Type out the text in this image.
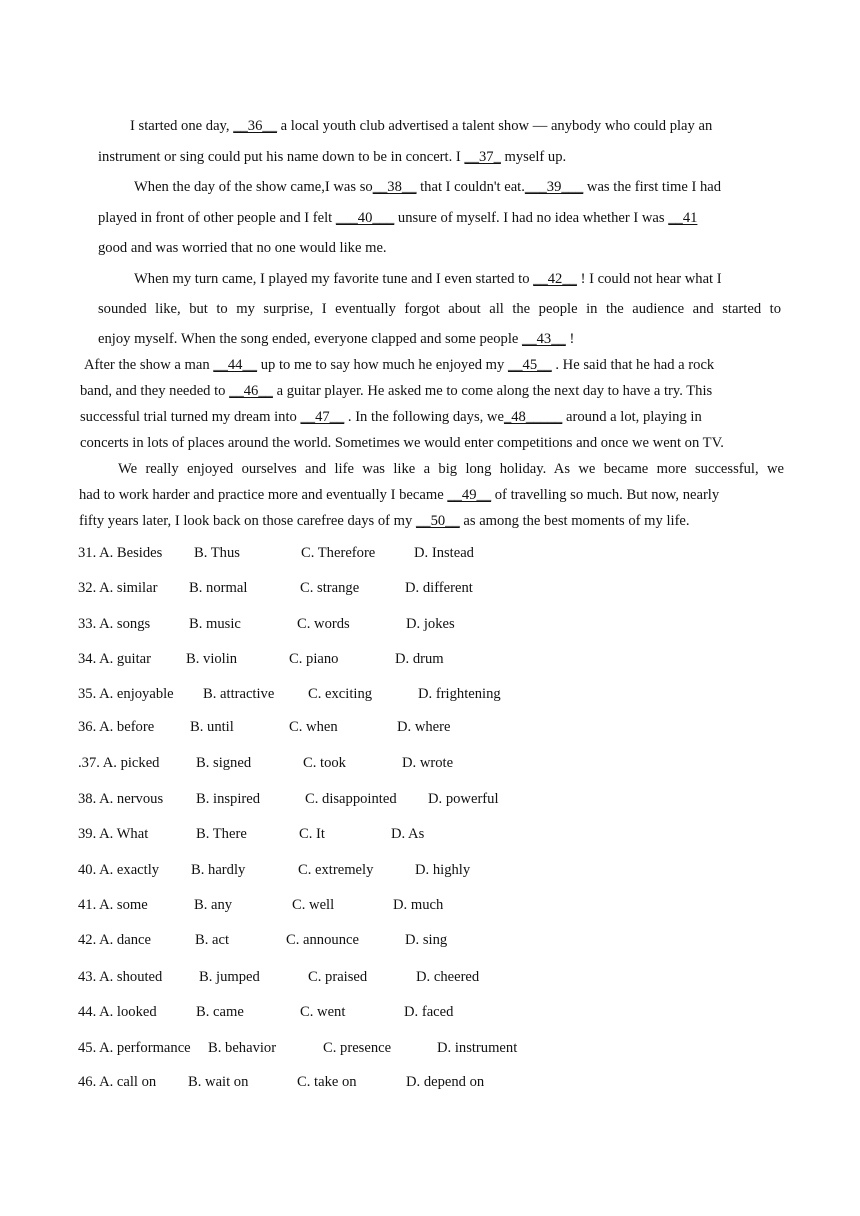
I started one day, __36__ a local youth club advertised a talent show — anybody who could play an
instrument or sing could put his name down to be in concert. I __37_ myself up.
When the day of the show came,I was so__38__ that I couldn't eat.___39___ was the first time I had
played in front of other people and I felt ___40___ unsure of myself. I had no idea whether I was __41
good and was worried that no one would like me.
When my turn came, I played my favorite tune and I even started to __42__ ! I could not hear what I
sounded like, but to my surprise, I eventually forgot about all the people in the audience and started to
enjoy myself. When the song ended, everyone clapped and some people __43__ !
After the show a man __44__ up to me to say how much he enjoyed my __45__ . He said that he had a rock
band, and they needed to __46__ a guitar player. He asked me to come along the next day to have a try. This
successful trial turned my dream into __47__ . In the following days, we_48_____ around a lot, playing in
concerts in lots of places around the world. Sometimes we would enter competitions and once we went on TV.
We really enjoyed ourselves and life was like a big long holiday. As we became more successful, we
had to work harder and practice more and eventually I became __49__ of travelling so much. But now, nearly
fifty years later, I look back on those carefree days of my __50__ as among the best moments of my life.
31. A. Besides B. Thus	C. Therefore	D. Instead
32. A. similar B. normal	C. strange	D. different
33. A. songs	B. music	C. words	D. jokes
34. A. guitar B. violin	C. piano	D. drum
35. A. enjoyable B. attractive C. exciting	D. frightening
36. A. before B. until	C. when	D. where
.37. A. picked	B. signed	C. took	D. wrote
38. A. nervous B. inspired	C. disappointed D. powerful
39. A. What	B. There	C. It	D. As
40. A. exactly B. hardly	C. extremely	D. highly
41. A. some	B. any	C. well	D. much
42. A. dance	B. act	C. announce	D. sing
43. A. shouted	B. jumped	C. praised	D. cheered
44. A. looked	B. came	C. went	D. faced
45. A. performance B. behavior	C. presence	D. instrument
46. A. call on B. wait on	C. take on	D. depend on
